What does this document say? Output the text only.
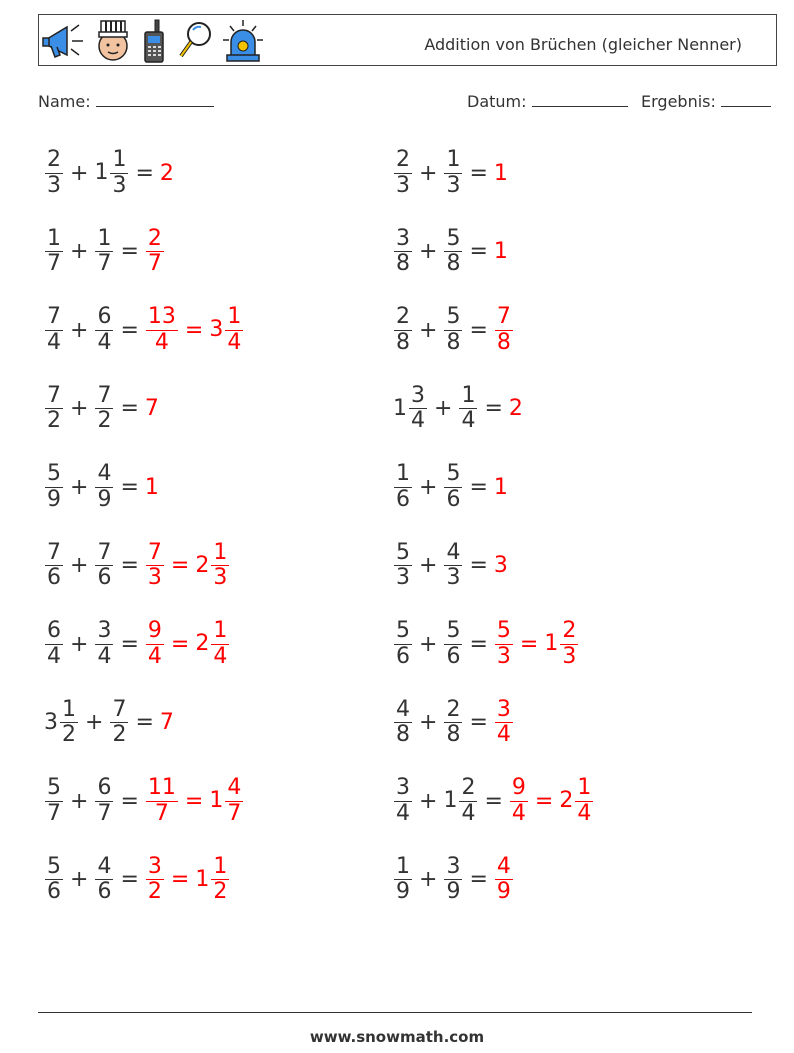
Addition von Brüchen (gleicher Nenner)
Name:	Datum:	Ergebnis:
$\frac{2}{3} + 1 \frac{1}{3} = 2$
$\frac{1}{7} + \frac{1}{7} = \frac{2}{7}$
$\frac{7}{4} + \frac{6}{4} = \frac{13}{4} = 3 \frac{1}{4}$
$\frac{7}{2} + \frac{7}{2} = 7$
$\frac{5}{9} + \frac{4}{9} = 1$
$\frac{7}{6} + \frac{7}{6} = \frac{7}{3} = 2 \frac{1}{3}$
$\frac{6}{4} + \frac{3}{4} = \frac{9}{4} = 2 \frac{1}{4}$
$3 \frac{1}{2} + \frac{7}{2} = 7$
$\frac{5}{7} + \frac{6}{7} = \frac{11}{7} = 1 \frac{4}{7}$
$\frac{5}{6} + \frac{4}{6} = \frac{3}{2} = 1 \frac{1}{2}$
$\frac{2}{3} + \frac{1}{3} = 1$
$\frac{3}{8} + \frac{5}{8} = 1$
$\frac{2}{8} + \frac{5}{8} = \frac{7}{8}$
$1 \frac{3}{4} + \frac{1}{4} = 2$
$\frac{1}{6} + \frac{5}{6} = 1$
$\frac{5}{3} + \frac{4}{3} = 3$
$\frac{5}{6} + \frac{5}{6} = \frac{5}{3} = 1 \frac{2}{3}$
$\frac{4}{8} + \frac{2}{8} = \frac{3}{4}$
$\frac{3}{4} + 1 \frac{2}{4} = \frac{9}{4} = 2 \frac{1}{4}$
$\frac{1}{9} + \frac{3}{9} = \frac{4}{9}$
www.snowmath.com
